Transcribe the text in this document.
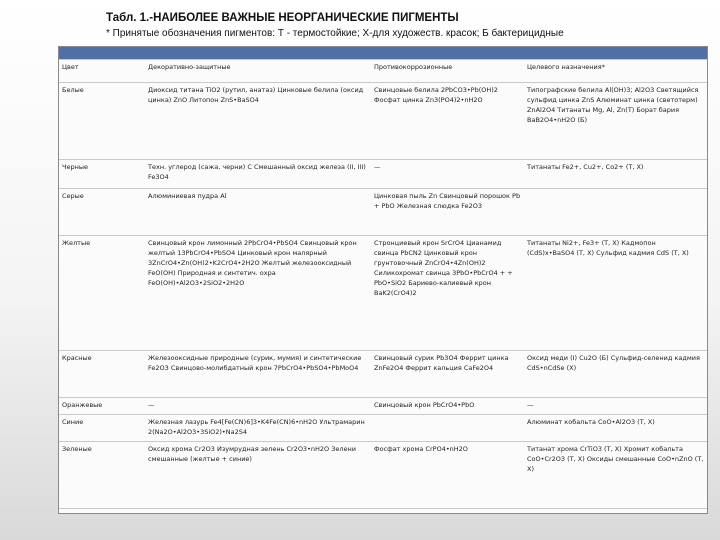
Табл. 1.-НАИБОЛЕЕ ВАЖНЫЕ НЕОРГАНИЧЕСКИЕ ПИГМЕНТЫ
* Принятые обозначения пигментов: Т - термостойкие; Х-для художеств. красок; Б бактерицидные
Цвет	Декоративно-защитные	Противокоррозионные	Целевого назначения*
Белые	Диоксид титана TiO2 (рутил, анатаз) Цинковые белила (оксид цинка) ZnO Литопон ZnS•BaSO4	Свинцовые белила 2PbCO3•Pb(OH)2 Фосфат цинка Zn3(PO4)2•nH2O	Типографские белила Al(OH)3; Al2O3 Светящийся сульфид цинка ZnS Алюминат цинка (светотерм) ZnAl2O4 Титанаты Mg, Al, Zn(Т) Борат бария BaB2O4•nH2O (Б)
Черные	Техн. углерод (сажа, черни) С Смешанный оксид железа (II, III) Fe3O4	—	Титанаты Fe2+, Cu2+, Co2+ (Т, X)
Серые	Алюминиевая пудра Al	Цинковая пыль Zn Свинцовый порошок Pb + PbO Железная слюдка Fe2O3	
Желтые	Свинцовый крон лимонный 2PbCrO4•PbSO4 Свинцовый крон желтый 13PbCrO4•PbSO4 Цинковый крон малярный 3ZnCrO4•Zn(OH)2•K2CrO4•2H2O Желтый железооксидный FeO(OH) Природная и синтетич. охра FeO(OH)•Al2O3•2SiO2•2H2O	Стронциевый крон SrCrO4 Цианамид свинца PbCN2 Цинковый крон грунтовочный ZnCrO4•4Zn(OH)2 Силикохромат свинца 3PbO•PbCrO4 + + PbO•SiO2 Бариево-калиевый крон BaK2(CrO4)2	Титанаты Ni2+, Fe3+ (Т, X) Кадмопон (CdS)x•BaSO4 (Т, X) Сульфид кадмия CdS (Т, X)
Красные	Железооксидные природные (сурик, мумия) и синтетические Fe2O3 Свинцово-молибдатный крон 7PbCrO4•PbSO4•PbMoO4	Свинцовый сурик Pb3O4 Феррит цинка ZnFe2O4 Феррит кальция CaFe2O4	Оксид меди (I) Cu2O (Б) Сульфид-селенид кадмия CdS•nCdSe (X)
Оранжевые	—	Свинцовый крон PbCrO4•PbO	—
Синие	Железная лазурь Fe4[Fe(CN)6]3•K4Fe(CN)6•nH2O Ультрамарин 2(Na2O•Al2O3•3SiO2)•Na2S4		Алюминат кобальта CoO•Al2O3 (Т, X)
Зеленые	Оксид хрома Cr2O3 Изумрудная зелень Cr2O3•nH2O Зелени смешанные (желтые + синие)	Фосфат хрома CrPO4•nH2O	Титанат хрома CrTiO3 (Т, X) Хромит кобальта CoO•Cr2O3 (Т, X) Оксиды смешанные CoO•nZnO (Т, X)
